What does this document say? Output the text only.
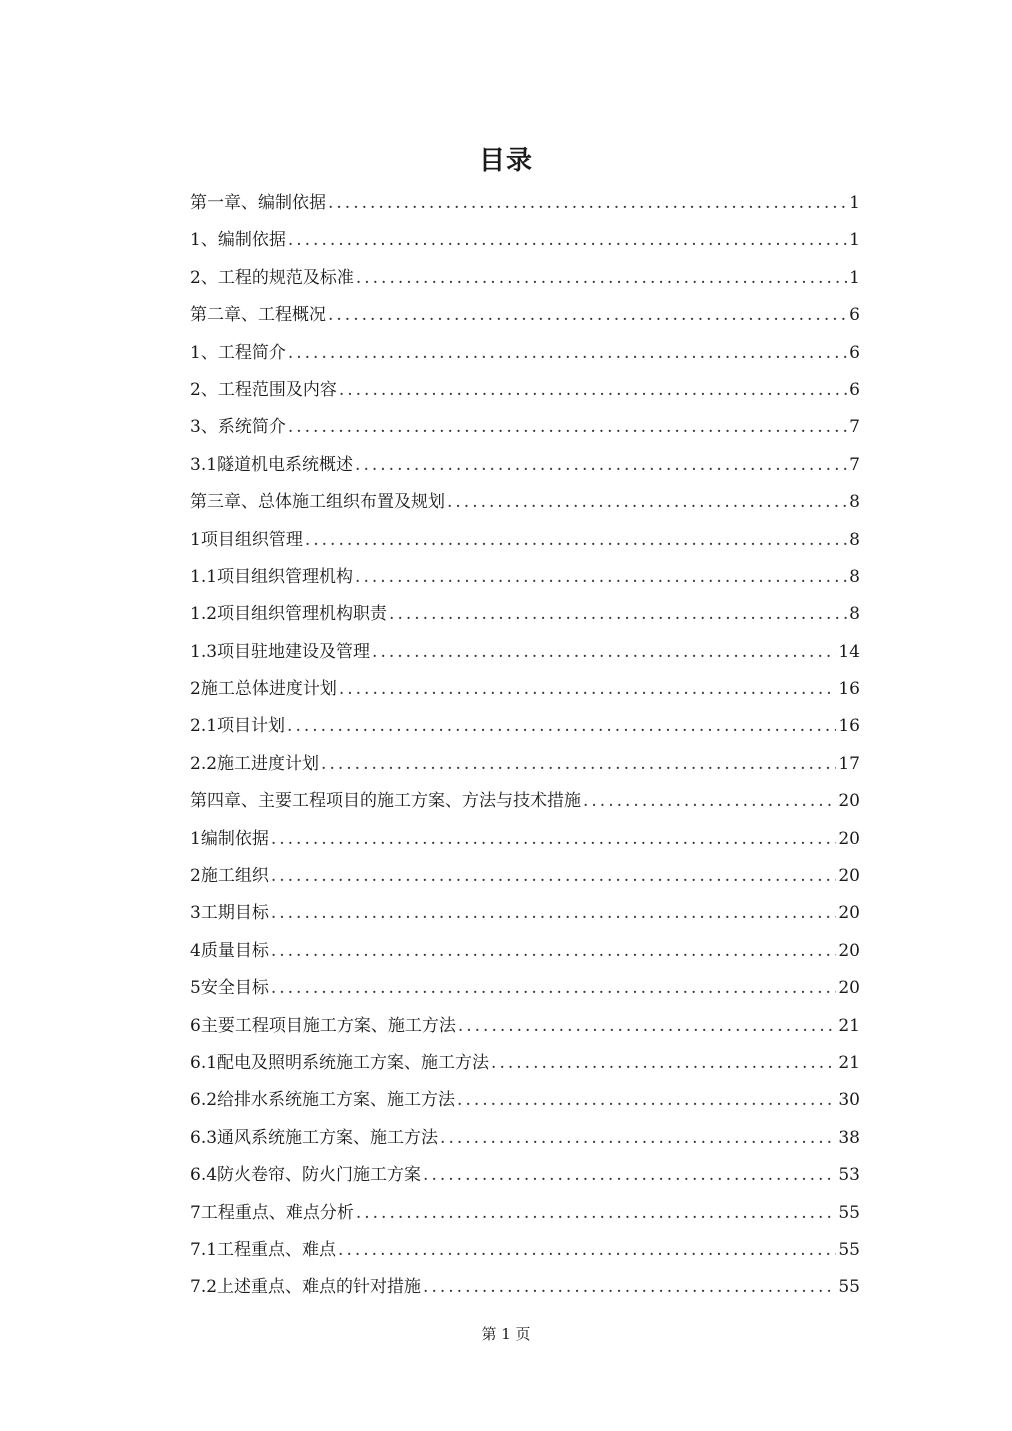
目录
第一章、编制依据 .....	1
1、编制依据 .....	1
2、工程的规范及标准 .....	1
第二章、工程概况 .....	6
1、工程简介 .....	6
2、工程范围及内容 .....	6
3、系统简介 .....	7
3.1隧道机电系统概述 .....	7
第三章、总体施工组织布置及规划 .....	8
1项目组织管理 .....	8
1.1项目组织管理机构 .....	8
1.2项目组织管理机构职责 .....	8
1.3项目驻地建设及管理 .....	14
2施工总体进度计划 .....	16
2.1项目计划 .....	16
2.2施工进度计划 .....	17
第四章、主要工程项目的施工方案、方法与技术措施 .....	20
1编制依据 .....	20
2施工组织 .....	20
3工期目标 .....	20
4质量目标 .....	20
5安全目标 .....	20
6主要工程项目施工方案、施工方法 .....	21
6.1配电及照明系统施工方案、施工方法 .....	21
6.2给排水系统施工方案、施工方法 .....	30
6.3通风系统施工方案、施工方法 .....	38
6.4防火卷帘、防火门施工方案 .....	53
7工程重点、难点分析 .....	55
7.1工程重点、难点 .....	55
7.2上述重点、难点的针对措施 .....	55
第 1 页
